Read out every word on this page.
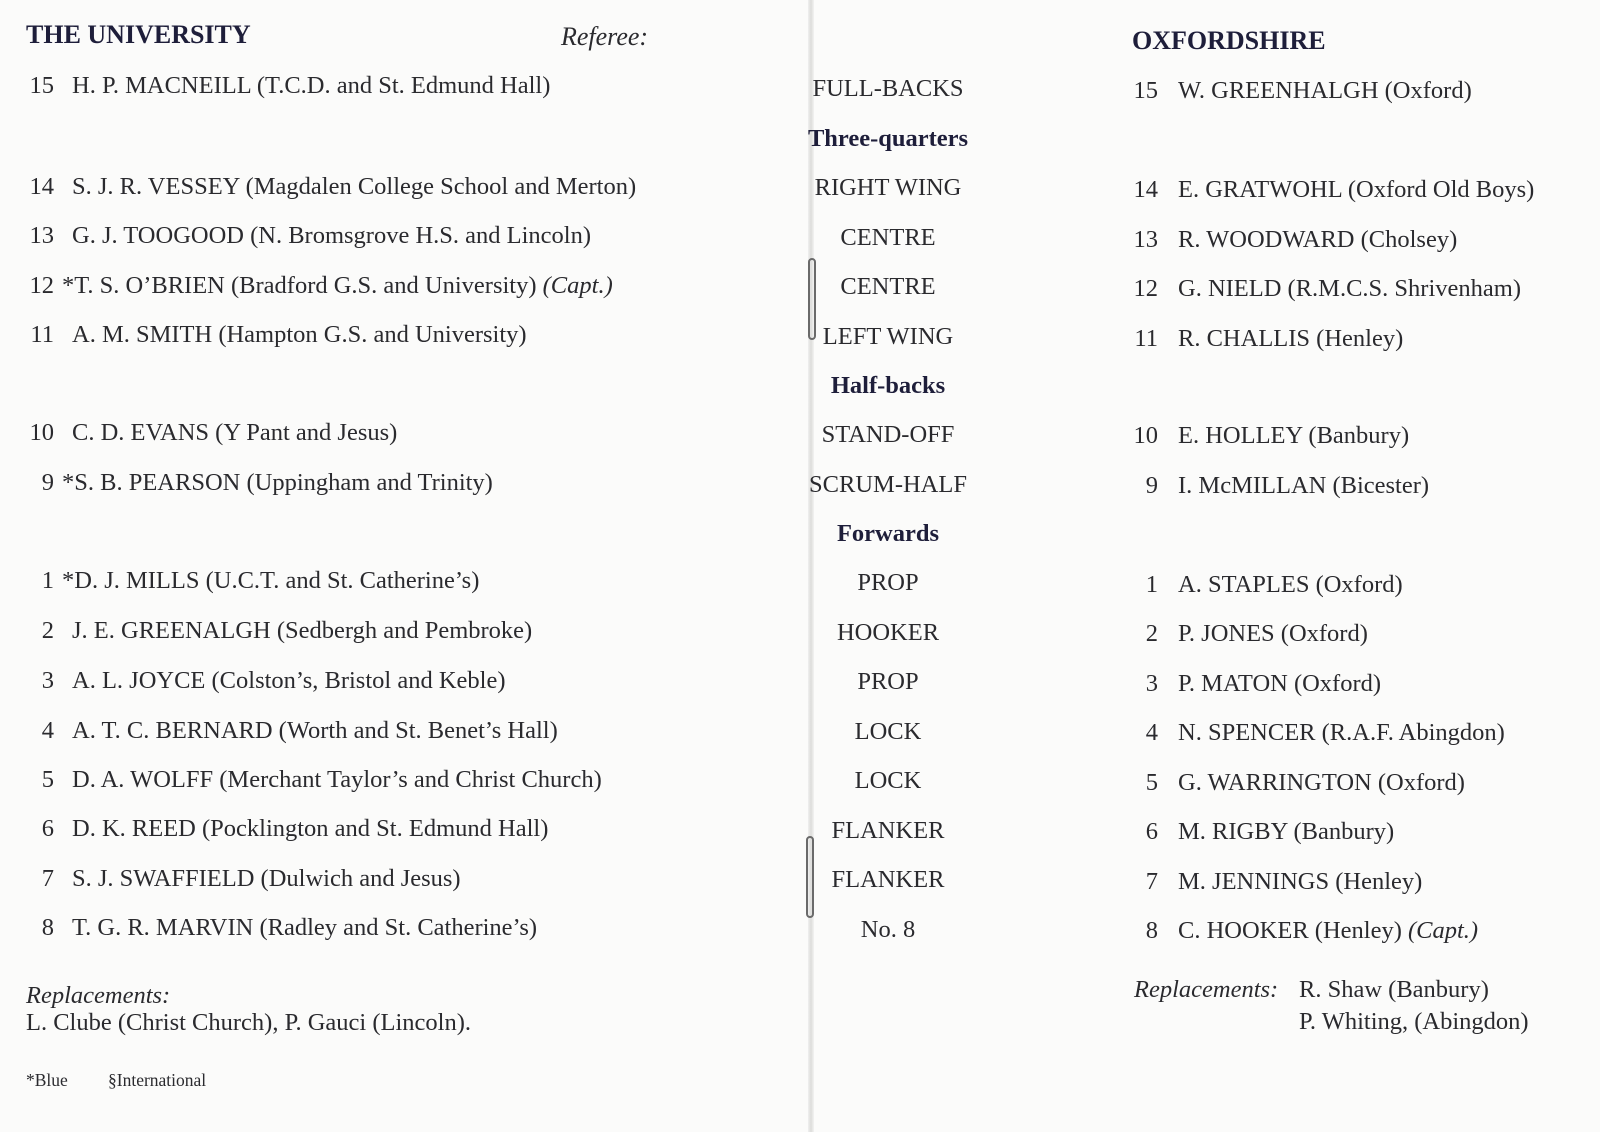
THE UNIVERSITY	Referee:
15 H. P. MACNEILL (T.C.D. and St. Edmund Hall)
14 S. J. R. VESSEY (Magdalen College School and Merton)
13 G. J. TOOGOOD (N. Bromsgrove H.S. and Lincoln)
12 *T. S. O’BRIEN (Bradford G.S. and University) (Capt.)
11 A. M. SMITH (Hampton G.S. and University)
10 C. D. EVANS (Y Pant and Jesus)
9 *S. B. PEARSON (Uppingham and Trinity)
1 *D. J. MILLS (U.C.T. and St. Catherine’s)
2 J. E. GREENALGH (Sedbergh and Pembroke)
3 A. L. JOYCE (Colston’s, Bristol and Keble)
4 A. T. C. BERNARD (Worth and St. Benet’s Hall)
5 D. A. WOLFF (Merchant Taylor’s and Christ Church)
6 D. K. REED (Pocklington and St. Edmund Hall)
7 S. J. SWAFFIELD (Dulwich and Jesus)
8 T. G. R. MARVIN (Radley and St. Catherine’s)
Replacements:
L. Clube (Christ Church), P. Gauci (Lincoln).
*Blue §International
FULL-BACKS
Three-quarters
RIGHT WING
CENTRE
CENTRE
LEFT WING
Half-backs
STAND-OFF
SCRUM-HALF
Forwards
PROP
HOOKER
PROP
LOCK
LOCK
FLANKER
FLANKER
No. 8
OXFORDSHIRE
15 W. GREENHALGH (Oxford)
14 E. GRATWOHL (Oxford Old Boys)
13 R. WOODWARD (Cholsey)
12 G. NIELD (R.M.C.S. Shrivenham)
11 R. CHALLIS (Henley)
10 E. HOLLEY (Banbury)
9 I. McMILLAN (Bicester)
1 A. STAPLES (Oxford)
2 P. JONES (Oxford)
3 P. MATON (Oxford)
4 N. SPENCER (R.A.F. Abingdon)
5 G. WARRINGTON (Oxford)
6 M. RIGBY (Banbury)
7 M. JENNINGS (Henley)
8 C. HOOKER (Henley) (Capt.)
Replacements: R. Shaw (Banbury)
P. Whiting, (Abingdon)
